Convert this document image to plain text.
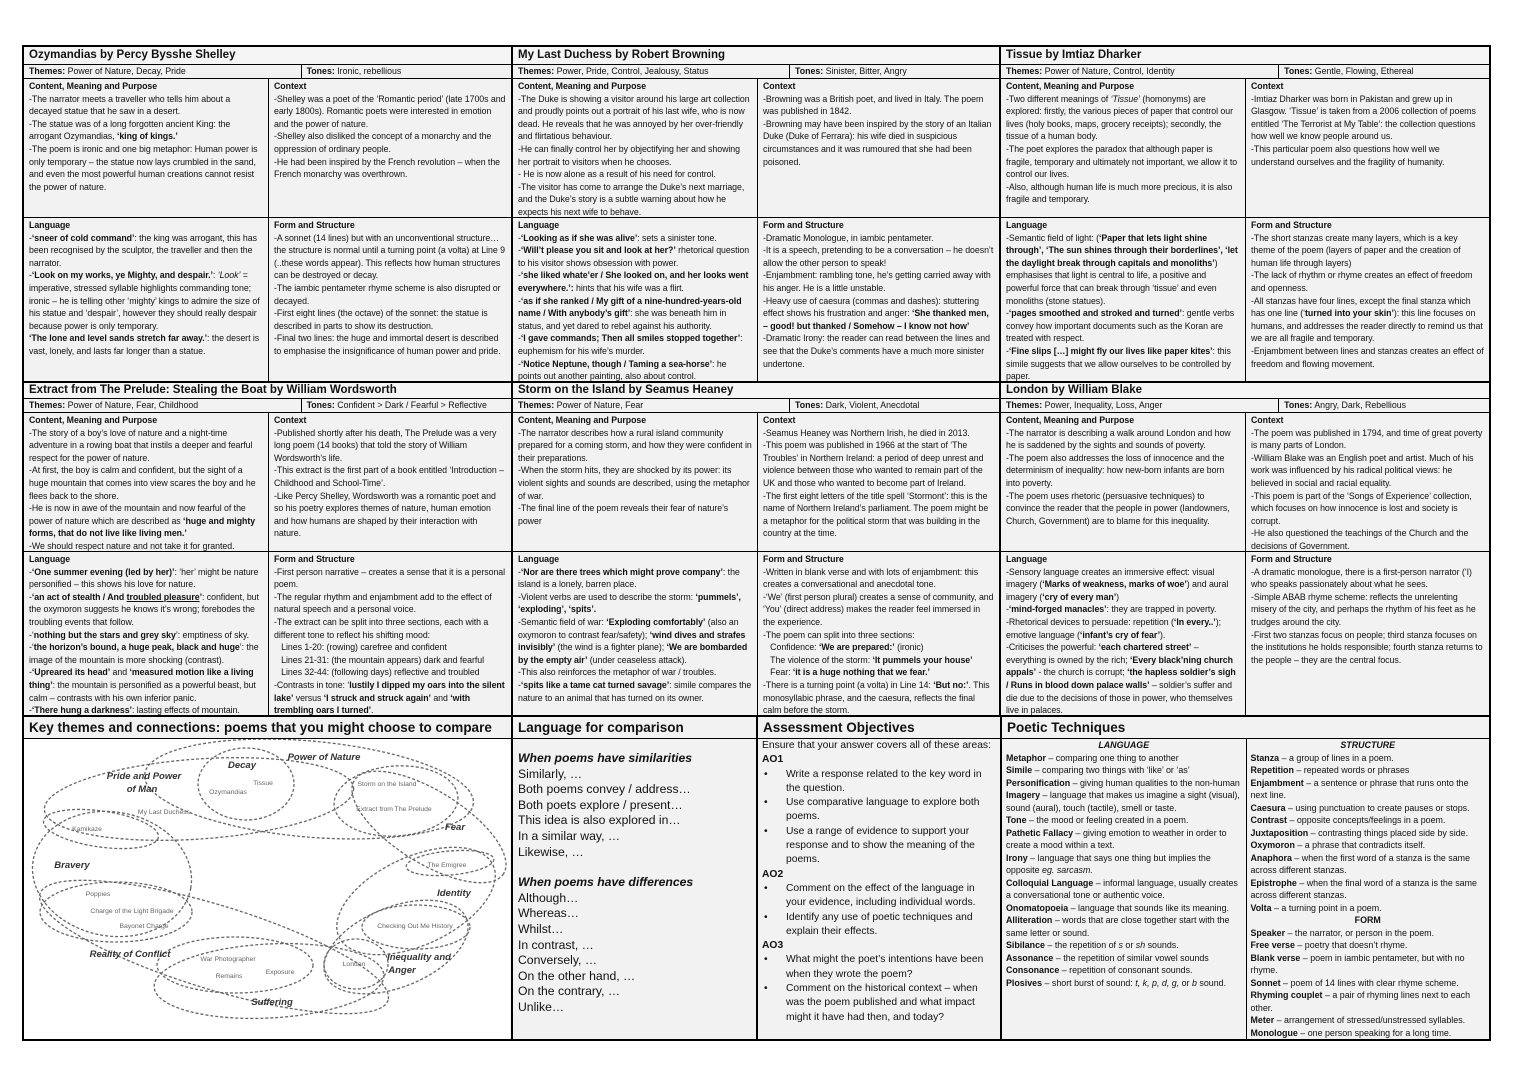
Ozymandias by Percy Bysshe Shelley
Themes: Power of Nature, Decay, Pride	Tones: Ironic, rebellious
Content, Meaning and Purpose

-The narrator meets a traveller who tells him about a decayed statue that he saw in a desert.

-The statue was of a long forgotten ancient King: the arrogant Ozymandias, ‘king of kings.’

-The poem is ironic and one big metaphor: Human power is only temporary – the statue now lays crumbled in the sand, and even the most powerful human creations cannot resist the power of nature.

Context

-Shelley was a poet of the ‘Romantic period’ (late 1700s and early 1800s). Romantic poets were interested in emotion and the power of nature.

-Shelley also disliked the concept of a monarchy and the oppression of ordinary people.

-He had been inspired by the French revolution – when the French monarchy was overthrown.

Language

-‘sneer of cold command’: the king was arrogant, this has been recognised by the sculptor, the traveller and then the narrator.

-‘Look on my works, ye Mighty, and despair.’: ‘Look’ = imperative, stressed syllable highlights commanding tone;

ironic – he is telling other ‘mighty’ kings to admire the size of his statue and ‘despair’, however they should really despair because power is only temporary.

‘The lone and level sands stretch far away.’: the desert is vast, lonely, and lasts far longer than a statue.

Form and Structure

-A sonnet (14 lines) but with an unconventional structure… the structure is normal until a turning point (a volta) at Line 9 (..these words appear). This reflects how human structures can be destroyed or decay.

-The iambic pentameter rhyme scheme is also disrupted or decayed.

-First eight lines (the octave) of the sonnet: the statue is described in parts to show its destruction.

-Final two lines: the huge and immortal desert is described to emphasise the insignificance of human power and pride.

My Last Duchess by Robert Browning
Themes: Power, Pride, Control, Jealousy, Status	Tones: Sinister, Bitter, Angry
Content, Meaning and Purpose

-The Duke is showing a visitor around his large art collection and proudly points out a portrait of his last wife, who is now dead. He reveals that he was annoyed by her over-friendly and flirtatious behaviour.

-He can finally control her by objectifying her and showing her portrait to visitors when he chooses.

- He is now alone as a result of his need for control.

-The visitor has come to arrange the Duke’s next marriage, and the Duke’s story is a subtle warning about how he expects his next wife to behave.

Context

-Browning was a British poet, and lived in Italy. The poem was published in 1842.

-Browning may have been inspired by the story of an Italian Duke (Duke of Ferrara): his wife died in suspicious circumstances and it was rumoured that she had been poisoned.

Language

-‘Looking as if she was alive’: sets a sinister tone.

-‘Will’t please you sit and look at her?’ rhetorical question to his visitor shows obsession with power.

-‘she liked whate’er / She looked on, and her looks went everywhere.’: hints that his wife was a flirt.

-‘as if she ranked / My gift of a nine-hundred-years-old name / With anybody’s gift’: she was beneath him in status, and yet dared to rebel against his authority.

-‘I gave commands; Then all smiles stopped together’: euphemism for his wife’s murder.

-‘Notice Neptune, though / Taming a sea-horse’: he points out another painting, also about control.

Form and Structure

-Dramatic Monologue, in iambic pentameter.

-It is a speech, pretending to be a conversation – he doesn’t allow the other person to speak!

-Enjambment: rambling tone, he’s getting carried away with his anger. He is a little unstable.

-Heavy use of caesura (commas and dashes): stuttering effect shows his frustration and anger: ‘She thanked men, – good! but thanked / Somehow – I know not how’

-Dramatic Irony: the reader can read between the lines and see that the Duke’s comments have a much more sinister undertone.

Tissue by Imtiaz Dharker
Themes: Power of Nature, Control, Identity	Tones: Gentle, Flowing, Ethereal
Content, Meaning and Purpose

-Two different meanings of ‘Tissue’ (homonyms) are explored: firstly, the various pieces of paper that control our lives (holy books, maps, grocery receipts); secondly, the tissue of a human body.

-The poet explores the paradox that although paper is fragile, temporary and ultimately not important, we allow it to control our lives.

-Also, although human life is much more precious, it is also fragile and temporary.

Context

-Imtiaz Dharker was born in Pakistan and grew up in Glasgow. ‘Tissue’ is taken from a 2006 collection of poems entitled ‘The Terrorist at My Table’: the collection questions how well we know people around us.

-This particular poem also questions how well we understand ourselves and the fragility of humanity.

Language

-Semantic field of light: (‘Paper that lets light shine through’, ‘The sun shines through their borderlines’, ‘let the daylight break through capitals and monoliths’) emphasises that light is central to life, a positive and powerful force that can break through ‘tissue’ and even monoliths (stone statues).

-‘pages smoothed and stroked and turned’: gentle verbs convey how important documents such as the Koran are treated with respect.

-‘Fine slips […] might fly our lives like paper kites’: this simile suggests that we allow ourselves to be controlled by paper.

Form and Structure

-The short stanzas create many layers, which is a key theme of the poem (layers of paper and the creation of human life through layers)

-The lack of rhythm or rhyme creates an effect of freedom and openness.

-All stanzas have four lines, except the final stanza which has one line (‘turned into your skin’): this line focuses on humans, and addresses the reader directly to remind us that we are all fragile and temporary.

-Enjambment between lines and stanzas creates an effect of freedom and flowing movement.

Extract from The Prelude: Stealing the Boat by William Wordsworth
Themes: Power of Nature, Fear, Childhood	Tones: Confident > Dark / Fearful > Reflective
Content, Meaning and Purpose

-The story of a boy’s love of nature and a night-time adventure in a rowing boat that instils a deeper and fearful respect for the power of nature.

-At first, the boy is calm and confident, but the sight of a huge mountain that comes into view scares the boy and he flees back to the shore.

-He is now in awe of the mountain and now fearful of the power of nature which are described as ‘huge and mighty forms, that do not live like living men.’

-We should respect nature and not take it for granted.

Context

-Published shortly after his death, The Prelude was a very long poem (14 books) that told the story of William Wordsworth’s life.

-This extract is the first part of a book entitled ‘Introduction – Childhood and School-Time’.

-Like Percy Shelley, Wordsworth was a romantic poet and so his poetry explores themes of nature, human emotion and how humans are shaped by their interaction with nature.

Language

-‘One summer evening (led by her)’: ‘her’ might be nature personified – this shows his love for nature.

-‘an act of stealth / And troubled pleasure’: confident, but the oxymoron suggests he knows it’s wrong; forebodes the troubling events that follow.

-‘nothing but the stars and grey sky’: emptiness of sky.

-‘the horizon’s bound, a huge peak, black and huge’: the image of the mountain is more shocking (contrast).

-‘Upreared its head’ and ‘measured motion like a living thing’: the mountain is personified as a powerful beast, but calm – contrasts with his own inferior panic.

-‘There hung a darkness’: lasting effects of mountain.

Form and Structure

-First person narrative – creates a sense that it is a personal poem.

-The regular rhythm and enjambment add to the effect of natural speech and a personal voice.

-The extract can be split into three sections, each with a different tone to reflect his shifting mood:

Lines 1-20: (rowing) carefree and confident

Lines 21-31: (the mountain appears) dark and fearful

Lines 32-44: (following days) reflective and troubled

-Contrasts in tone: ‘lustily I dipped my oars into the silent lake’ versus ‘I struck and struck again’ and ‘with trembling oars I turned’.

Storm on the Island by Seamus Heaney
Themes: Power of Nature, Fear	Tones: Dark, Violent, Anecdotal
Content, Meaning and Purpose

-The narrator describes how a rural island community prepared for a coming storm, and how they were confident in their preparations.

-When the storm hits, they are shocked by its power: its violent sights and sounds are described, using the metaphor of war.

-The final line of the poem reveals their fear of nature’s power

Context

-Seamus Heaney was Northern Irish, he died in 2013.

-This poem was published in 1966 at the start of ‘The Troubles’ in Northern Ireland: a period of deep unrest and violence between those who wanted to remain part of the UK and those who wanted to become part of Ireland.

-The first eight letters of the title spell ‘Stormont’: this is the name of Northern Ireland’s parliament. The poem might be a metaphor for the political storm that was building in the country at the time.

Language

-‘Nor are there trees which might prove company’: the island is a lonely, barren place.

-Violent verbs are used to describe the storm: ‘pummels’, ‘exploding’, ‘spits’.

-Semantic field of war: ‘Exploding comfortably’ (also an oxymoron to contrast fear/safety); ‘wind dives and strafes invisibly’ (the wind is a fighter plane); ‘We are bombarded by the empty air’ (under ceaseless attack).

-This also reinforces the metaphor of war / troubles.

-‘spits like a tame cat turned savage’: simile compares the nature to an animal that has turned on its owner.

Form and Structure

-Written in blank verse and with lots of enjambment: this creates a conversational and anecdotal tone.

-‘We’ (first person plural) creates a sense of community, and ‘You’ (direct address) makes the reader feel immersed in the experience.

-The poem can split into three sections:

Confidence: ‘We are prepared:’ (ironic)

The violence of the storm: ‘It pummels your house’

Fear: ‘it is a huge nothing that we fear.’

-There is a turning point (a volta) in Line 14: ‘But no:’. This monosyllabic phrase, and the caesura, reflects the final calm before the storm.

London by William Blake
Themes: Power, Inequality, Loss, Anger	Tones: Angry, Dark, Rebellious
Content, Meaning and Purpose

-The narrator is describing a walk around London and how he is saddened by the sights and sounds of poverty.

-The poem also addresses the loss of innocence and the determinism of inequality: how new-born infants are born into poverty.

-The poem uses rhetoric (persuasive techniques) to convince the reader that the people in power (landowners, Church, Government) are to blame for this inequality.

Context

-The poem was published in 1794, and time of great poverty is many parts of London.

-William Blake was an English poet and artist. Much of his work was influenced by his radical political views: he believed in social and racial equality.

-This poem is part of the ‘Songs of Experience’ collection, which focuses on how innocence is lost and society is corrupt.

-He also questioned the teachings of the Church and the decisions of Government.

Language

-Sensory language creates an immersive effect: visual imagery (‘Marks of weakness, marks of woe’) and aural imagery (‘cry of every man’)

-‘mind-forged manacles’: they are trapped in poverty.

-Rhetorical devices to persuade: repetition (‘In every..’); emotive language (‘infant’s cry of fear’).

-Criticises the powerful: ‘each chartered street’ – everything is owned by the rich; ‘Every black’ning church appals’ - the church is corrupt; ‘the hapless soldier’s sigh / Runs in blood down palace walls’ – soldier’s suffer and die due to the decisions of those in power, who themselves live in palaces.

Form and Structure

-A dramatic monologue, there is a first-person narrator (‘I) who speaks passionately about what he sees.

-Simple ABAB rhyme scheme: reflects the unrelenting misery of the city, and perhaps the rhythm of his feet as he trudges around the city.

-First two stanzas focus on people; third stanza focuses on the institutions he holds responsible; fourth stanza returns to the people – they are the central focus.

Key themes and connections: poems that you might choose to compare
Power of Nature
Pride and Power
of Man
Decay
Bravery
Fear
Identity
Reality of Conflict	Inequality and
Anger
Suffering
Tissue
Ozymandias
My Last Duchess
Kamikaze
Storm on the Island
Extract from The Prelude
The Emigree
Poppies
Charge of the Light Brigade
Bayonet Charge	Checking Out Me History
War Photographer
Exposure
Remains
London
Language for comparison
When poems have similarities
Similarly, …
Both poems convey / address…
Both poets explore / present…
This idea is also explored in…
In a similar way, …
Likewise, …
When poems have differences
Although…
Whereas…
Whilst…
In contrast, …
Conversely, …
On the other hand, …
On the contrary, …
Unlike…
Assessment Objectives
Ensure that your answer covers all of these areas:
AO1
• Write a response related to the key word in the question.
• Use comparative language to explore both poems.
• Use a range of evidence to support your response and to show the meaning of the poems.
AO2
• Comment on the effect of the language in your evidence, including individual words.
• Identify any use of poetic techniques and explain their effects.
AO3
• What might the poet’s intentions have been when they wrote the poem?
• Comment on the historical context – when was the poem published and what impact might it have had then, and today?
Poetic Techniques
LANGUAGE

Metaphor – comparing one thing to another

Simile – comparing two things with ‘like’ or ‘as’

Personification – giving human qualities to the non-human

Imagery – language that makes us imagine a sight (visual), sound (aural), touch (tactile), smell or taste.

Tone – the mood or feeling created in a poem.

Pathetic Fallacy – giving emotion to weather in order to create a mood within a text.

Irony – language that says one thing but implies the opposite eg. sarcasm.

Colloquial Language – informal language, usually creates a conversational tone or authentic voice.

Onomatopoeia – language that sounds like its meaning.

Alliteration – words that are close together start with the same letter or sound.

Sibilance – the repetition of s or sh sounds.

Assonance – the repetition of similar vowel sounds

Consonance – repetition of consonant sounds.

Plosives – short burst of sound: t, k, p, d, g, or b sound.

STRUCTURE

Stanza – a group of lines in a poem.

Repetition – repeated words or phrases

Enjambment – a sentence or phrase that runs onto the next line.

Caesura – using punctuation to create pauses or stops.

Contrast – opposite concepts/feelings in a poem.

Juxtaposition – contrasting things placed side by side.

Oxymoron – a phrase that contradicts itself.

Anaphora – when the first word of a stanza is the same across different stanzas.

Epistrophe – when the final word of a stanza is the same across different stanzas.

Volta – a turning point in a poem.

FORM

Speaker – the narrator, or person in the poem.

Free verse – poetry that doesn’t rhyme.

Blank verse – poem in iambic pentameter, but with no rhyme.

Sonnet – poem of 14 lines with clear rhyme scheme.

Rhyming couplet – a pair of rhyming lines next to each other.

Meter – arrangement of stressed/unstressed syllables.

Monologue – one person speaking for a long time.
